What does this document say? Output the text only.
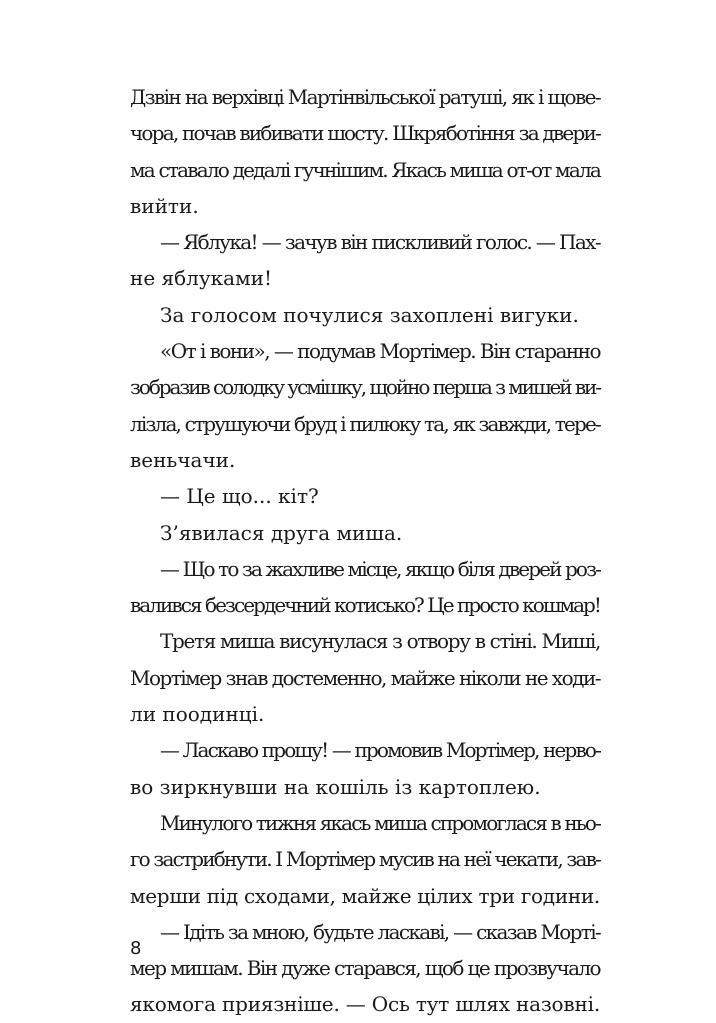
Дзвін на верхівці Мартінвільської ратуші, як і щове-
чора, почав вибивати шосту. Шкряботіння за двери-
ма ставало дедалі гучнішим. Якась миша от-от мала
вийти.
— Яблука! — зачув він пискливий голос. — Пах-
не яблуками!
За голосом почулися захоплені вигуки.
«От і вони», — подумав Мортімер. Він старанно
зобразив солодку усмішку, щойно перша з мишей ви-
лізла, струшуючи бруд і пилюку та, як завжди, тере-
веньчачи.
— Це що... кіт?
З’явилася друга миша.
— Що то за жахливе місце, якщо біля дверей роз-
валився безсердечний котисько? Це просто кошмар!
Третя миша висунулася з отвору в стіні. Миші,
Мортімер знав достеменно, майже ніколи не ходи-
ли поодинці.
— Ласкаво прошу! — промовив Мортімер, нерво-
во зиркнувши на кошіль із картоплею.
Минулого тижня якась миша спромоглася в ньо-
го застрибнути. І Мортімер мусив на неї чекати, зав-
мерши під сходами, майже цілих три години.
— Ідіть за мною, будьте ласкаві, — сказав Морті-
мер мишам. Він дуже старався, щоб це прозвучало
якомога приязніше. — Ось тут шлях назовні.
8
